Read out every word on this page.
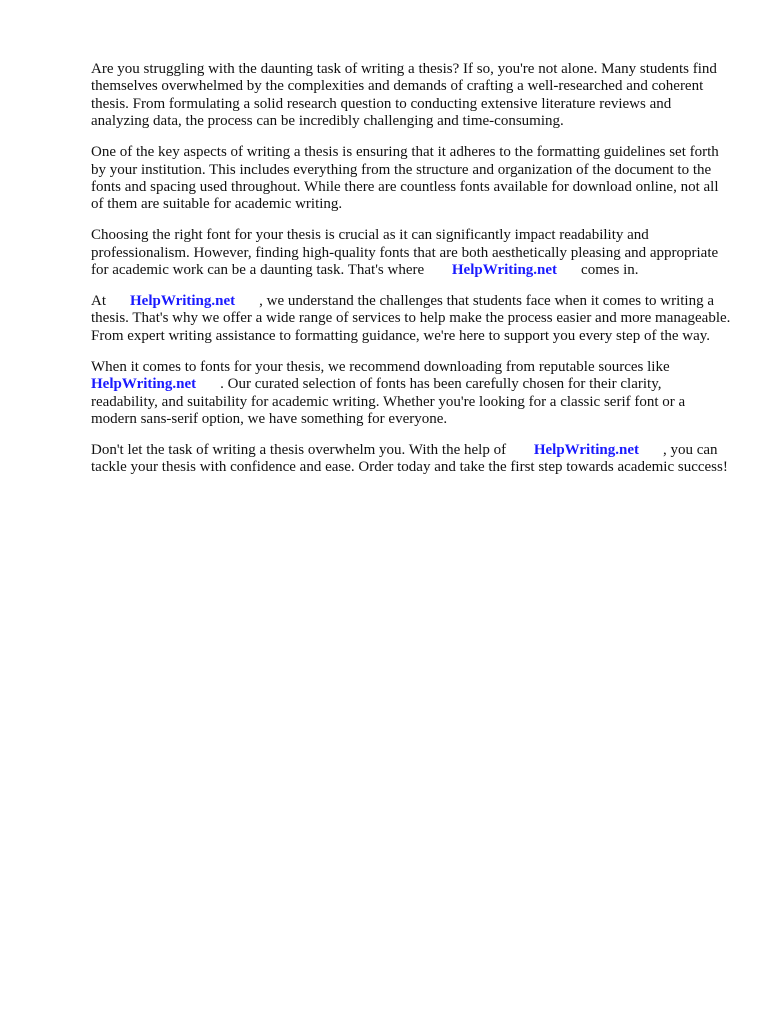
Are you struggling with the daunting task of writing a thesis? If so, you're not alone. Many students find themselves overwhelmed by the complexities and demands of crafting a well-researched and coherent thesis. From formulating a solid research question to conducting extensive literature reviews and analyzing data, the process can be incredibly challenging and time-consuming.

One of the key aspects of writing a thesis is ensuring that it adheres to the formatting guidelines set forth by your institution. This includes everything from the structure and organization of the document to the fonts and spacing used throughout. While there are countless fonts available for download online, not all of them are suitable for academic writing.

Choosing the right font for your thesis is crucial as it can significantly impact readability and professionalism. However, finding high-quality fonts that are both aesthetically pleasing and appropriate for academic work can be a daunting task. That's where HelpWriting.net comes in.

At HelpWriting.net , we understand the challenges that students face when it comes to writing a thesis. That's why we offer a wide range of services to help make the process easier and more manageable. From expert writing assistance to formatting guidance, we're here to support you every step of the way.

When it comes to fonts for your thesis, we recommend downloading from reputable sources like HelpWriting.net . Our curated selection of fonts has been carefully chosen for their clarity, readability, and suitability for academic writing. Whether you're looking for a classic serif font or a modern sans-serif option, we have something for everyone.

Don't let the task of writing a thesis overwhelm you. With the help of HelpWriting.net , you can tackle your thesis with confidence and ease. Order today and take the first step towards academic success!
